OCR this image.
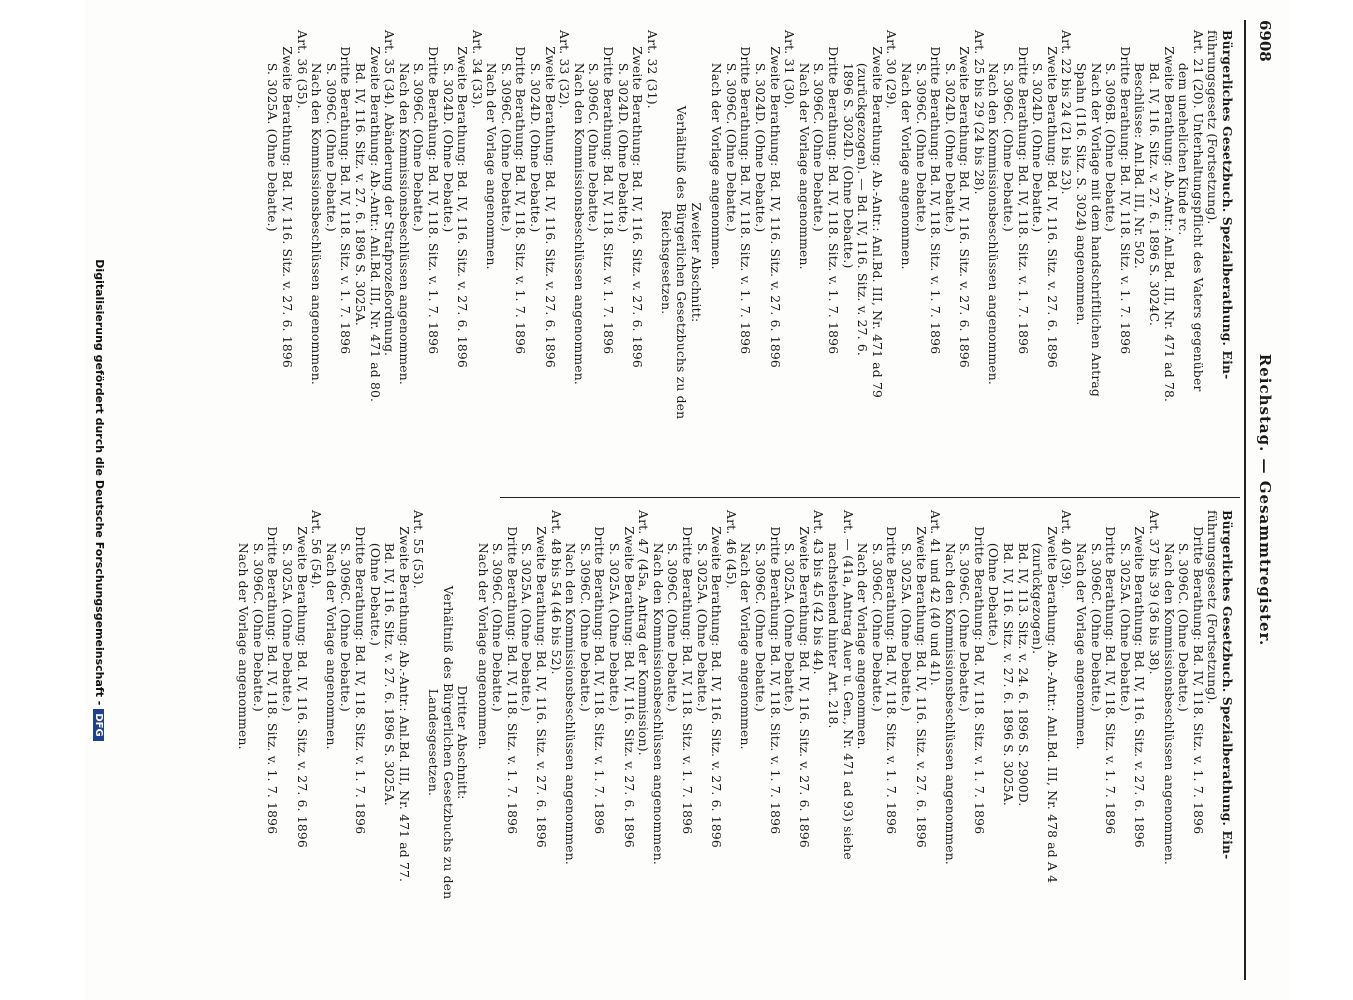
6908
Reichstag. — Gesammtregister.

Bürgerliches Gesetzbuch. Spezialberathung. Ein-

führungsgesetz (Fortsetzung).

Art. 21 (20). Unterhaltungspflicht des Vaters gegenüber

dem unehelichen Kinde rc.

Zweite Berathung: Ab.-Antr.: Anl.Bd. III, Nr. 471 ad 78.

Bd. IV, 116. Sitz. v. 27. 6. 1896 S. 3024C.

Beschlüsse: Anl.Bd. III, Nr. 502.

Dritte Berathung: Bd. IV, 118. Sitz. v. 1. 7. 1896

S. 3096B. (Ohne Debatte.)

Nach der Vorlage mit dem handschriftlichen Antrag

Spahn (116. Sitz. S. 3024) angenommen.

Art. 22 bis 24 (21 bis 23).

Zweite Berathung: Bd. IV, 116. Sitz. v. 27. 6. 1896

S. 3024D. (Ohne Debatte.)

Dritte Berathung: Bd. IV, 118. Sitz. v. 1. 7. 1896

S. 3096C. (Ohne Debatte.)

Nach den Kommissionsbeschlüssen angenommen.

Art. 25 bis 29 (24 bis 28).

Zweite Berathung: Bd. IV, 116. Sitz. v. 27. 6. 1896

S. 3024D. (Ohne Debatte.)

Dritte Berathung: Bd. IV, 118. Sitz. v. 1. 7. 1896

S. 3096C. (Ohne Debatte.)

Nach der Vorlage angenommen.

Art. 30 (29).

Zweite Berathung: Ab.-Antr.: Anl.Bd. III, Nr. 471 ad 79

(zurückgezogen). — Bd. IV, 116. Sitz. v. 27. 6.

1896 S. 3024D. (Ohne Debatte.)

Dritte Berathung: Bd. IV, 118. Sitz. v. 1. 7. 1896

S. 3096C. (Ohne Debatte.)

Nach der Vorlage angenommen.

Art. 31 (30).

Zweite Berathung: Bd. IV, 116. Sitz. v. 27. 6. 1896

S. 3024D. (Ohne Debatte.)

Dritte Berathung: Bd. IV, 118. Sitz. v. 1. 7. 1896

S. 3096C. (Ohne Debatte.)

Nach der Vorlage angenommen.

Zweiter Abschnitt:

Verhältniß des Bürgerlichen Gesetzbuchs zu den

Reichsgesetzen.

Art. 32 (31).

Zweite Berathung: Bd. IV, 116. Sitz. v. 27. 6. 1896

S. 3024D. (Ohne Debatte.)

Dritte Berathung: Bd. IV, 118. Sitz. v. 1. 7. 1896

S. 3096C. (Ohne Debatte.)

Nach den Kommissionsbeschlüssen angenommen.

Art. 33 (32).

Zweite Berathung: Bd. IV, 116. Sitz. v. 27. 6. 1896

S. 3024D. (Ohne Debatte.)

Dritte Berathung: Bd. IV, 118. Sitz. v. 1. 7. 1896

S. 3096C. (Ohne Debatte.)

Nach der Vorlage angenommen.

Art. 34 (33).

Zweite Berathung: Bd. IV, 116. Sitz. v. 27. 6. 1896

S. 3024D. (Ohne Debatte.)

Dritte Berathung: Bd. IV, 118. Sitz. v. 1. 7. 1896

S. 3096C. (Ohne Debatte.)

Nach den Kommissionsbeschlüssen angenommen.

Art. 35 (34). Abänderung der Strafprozeßordnung.

Zweite Berathung: Ab.-Antr.: Anl.Bd. III, Nr. 471 ad 80.

Bd. IV, 116. Sitz. v. 27. 6. 1896 S. 3025A.

Dritte Berathung: Bd. IV, 118. Sitz. v. 1. 7. 1896

S. 3096C. (Ohne Debatte.)

Nach den Kommissionsbeschlüssen angenommen.

Art. 36 (35).

Zweite Berathung: Bd. IV, 116. Sitz. v. 27. 6. 1896

S. 3025A. (Ohne Debatte.)

Bürgerliches Gesetzbuch. Spezialberathung. Ein-

führungsgesetz (Fortsetzung).

Dritte Berathung: Bd. IV, 118. Sitz. v. 1. 7. 1896

S. 3096C. (Ohne Debatte.)

Nach den Kommissionsbeschlüssen angenommen.

Art. 37 bis 39 (36 bis 38).

Zweite Berathung: Bd. IV, 116. Sitz. v. 27. 6. 1896

S. 3025A. (Ohne Debatte.)

Dritte Berathung: Bd. IV, 118. Sitz. v. 1. 7. 1896

S. 3096C. (Ohne Debatte.)

Nach der Vorlage angenommen.

Art. 40 (39).

Zweite Berathung: Ab.-Antr.: Anl.Bd. III, Nr. 478 ad A 4

(zurückgezogen).

Bd. IV, 113. Sitz. v. 24. 6. 1896 S. 2900D.

Bd. IV, 116. Sitz. v. 27. 6. 1896 S. 3025A.

(Ohne Debatte.)

Dritte Berathung: Bd. IV, 118. Sitz. v. 1. 7. 1896

S. 3096C. (Ohne Debatte.)

Nach den Kommissionsbeschlüssen angenommen.

Art. 41 und 42 (40 und 41).

Zweite Berathung: Bd. IV, 116. Sitz. v. 27. 6. 1896

S. 3025A. (Ohne Debatte.)

Dritte Berathung: Bd. IV, 118. Sitz. v. 1. 7. 1896

S. 3096C. (Ohne Debatte.)

Nach der Vorlage angenommen.

Art. — (41a, Antrag Auer u. Gen., Nr. 471 ad 93) siehe

nachstehend hinter Art. 218.

Art. 43 bis 45 (42 bis 44).

Zweite Berathung: Bd. IV, 116. Sitz. v. 27. 6. 1896

S. 3025A. (Ohne Debatte.)

Dritte Berathung: Bd. IV, 118. Sitz. v. 1. 7. 1896

S. 3096C. (Ohne Debatte.)

Nach der Vorlage angenommen.

Art. 46 (45).

Zweite Berathung: Bd. IV, 116. Sitz. v. 27. 6. 1896

S. 3025A. (Ohne Debatte.)

Dritte Berathung: Bd. IV, 118. Sitz. v. 1. 7. 1896

S. 3096C. (Ohne Debatte.)

Nach den Kommissionsbeschlüssen angenommen.

Art. 47 (45a, Antrag der Kommission).

Zweite Berathung: Bd. IV, 116. Sitz. v. 27. 6. 1896

S. 3025A. (Ohne Debatte.)

Dritte Berathung: Bd. IV, 118. Sitz. v. 1. 7. 1896

S. 3096C. (Ohne Debatte.)

Nach den Kommissionsbeschlüssen angenommen.

Art. 48 bis 54 (46 bis 52).

Zweite Berathung: Bd. IV, 116. Sitz. v. 27. 6. 1896

S. 3025A. (Ohne Debatte.)

Dritte Berathung: Bd. IV, 118. Sitz. v. 1. 7. 1896

S. 3096C. (Ohne Debatte.)

Nach der Vorlage angenommen.

Dritter Abschnitt:

Verhältniß des Bürgerlichen Gesetzbuchs zu den

Landesgesetzen.

Art. 55 (53).

Zweite Berathung: Ab.-Antr.: Anl.Bd. III, Nr. 471 ad 77.

Bd. IV, 116. Sitz. v. 27. 6. 1896 S. 3025A.

(Ohne Debatte.)

Dritte Berathung: Bd. IV, 118. Sitz. v. 1. 7. 1896

S. 3096C. (Ohne Debatte.)

Nach der Vorlage angenommen.

Art. 56 (54).

Zweite Berathung: Bd. IV, 116. Sitz. v. 27. 6. 1896

S. 3025A. (Ohne Debatte.)

Dritte Berathung: Bd. IV, 118. Sitz. v. 1. 7. 1896

S. 3096C. (Ohne Debatte.)

Nach der Vorlage angenommen.

Digitalisierung gefördert durch die Deutsche Forschungsgemeinschaft -DFG
